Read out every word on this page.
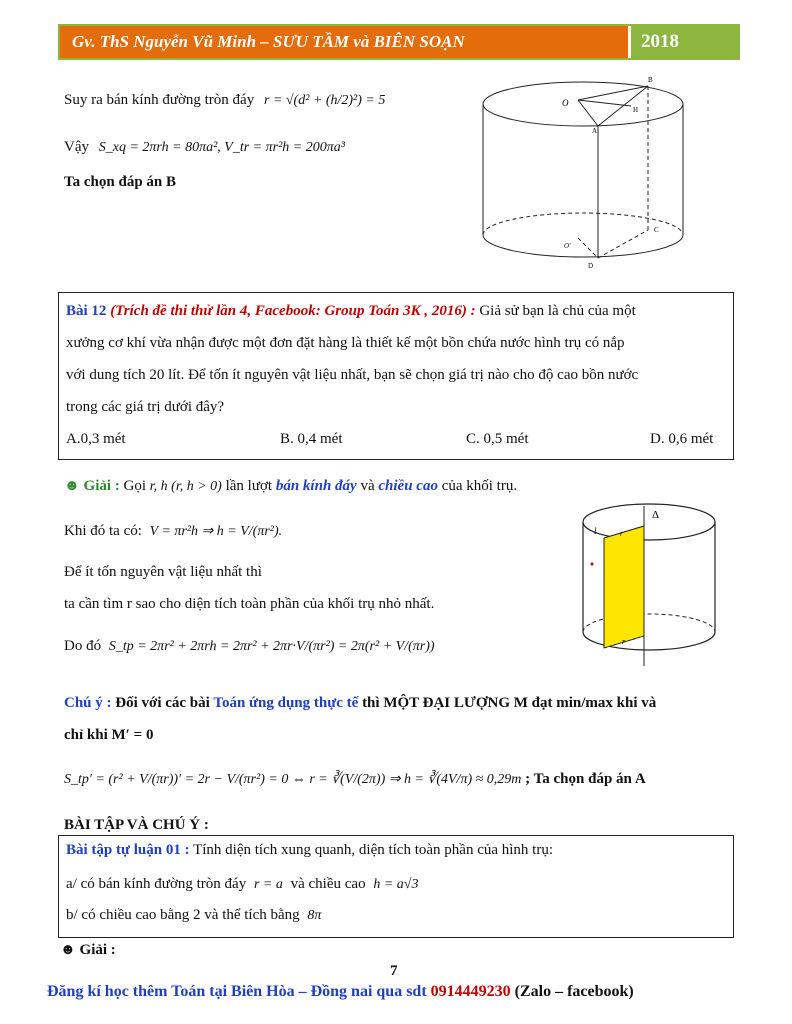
Gv. ThS Nguyễn Vũ Minh – SƯU TẦM và BIÊN SOẠN	2018
Suy ra bán kính đường tròn đáy r = √(d² + (h/2)²) = 5
Vậy S_xq = 2πrh = 80πa², V_tr = πr²h = 200πa³
Ta chọn đáp án B
O
B
H
A
O'
C
D
Bài 12 (Trích đề thi thử lần 4, Facebook: Group Toán 3K , 2016) : Giả sử bạn là chủ của một
xưởng cơ khí vừa nhận được một đơn đặt hàng là thiết kế một bồn chứa nước hình trụ có nắp
với dung tích 20 lít. Để tốn ít nguyên vật liệu nhất, bạn sẽ chọn giá trị nào cho độ cao bồn nước
trong các giá trị dưới đây?
A.0,3 mét	B. 0,4 mét	C. 0,5 mét	D. 0,6 mét
☻ Giải : Gọi r, h (r, h > 0) lần lượt bán kính đáy và chiều cao của khối trụ.
Khi đó ta có: V = πr²h ⇒ h = V/(πr²).
Để ít tốn nguyên vật liệu nhất thì
ta cần tìm r sao cho diện tích toàn phần của khối trụ nhỏ nhất.
Do đó S_tp = 2πr² + 2πrh = 2πr² + 2πr·V/(πr²) = 2π(r² + V/(πr))
l	r
Δ
r
Chú ý : Đối với các bài Toán ứng dụng thực tế thì MỘT ĐẠI LƯỢNG M đạt min/max khi và
chỉ khi M′ = 0
S_tp′ = (r² + V/(πr))′ = 2r − V/(πr²) = 0 ⇔ r = ∛(V/(2π)) ⇒ h = ∛(4V/π) ≈ 0,29m ; Ta chọn đáp án A
BÀI TẬP VÀ CHÚ Ý :
Bài tập tự luận 01 : Tính diện tích xung quanh, diện tích toàn phần của hình trụ:
a/ có bán kính đường tròn đáy r = a và chiều cao h = a√3
b/ có chiều cao bằng 2 và thể tích bằng 8π
☻ Giải :
7
Đăng kí học thêm Toán tại Biên Hòa – Đồng nai qua sdt 0914449230 (Zalo – facebook)
